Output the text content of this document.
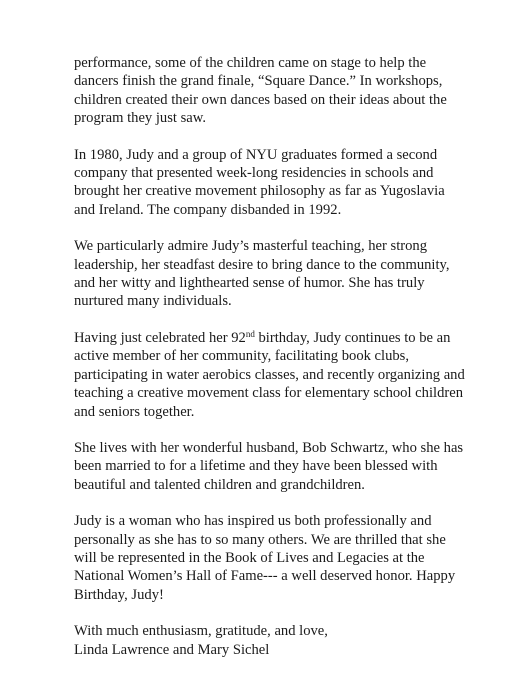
performance, some of the children came on stage to help the
dancers finish the grand finale, “Square Dance.” In workshops,
children created their own dances based on their ideas about the
program they just saw.

In 1980, Judy and a group of NYU graduates formed a second
company that presented week-long residencies in schools and
brought her creative movement philosophy as far as Yugoslavia
and Ireland. The company disbanded in 1992.

We particularly admire Judy’s masterful teaching, her strong
leadership, her steadfast desire to bring dance to the community,
and her witty and lighthearted sense of humor. She has truly
nurtured many individuals.

Having just celebrated her 92nd birthday, Judy continues to be an
active member of her community, facilitating book clubs,
participating in water aerobics classes, and recently organizing and
teaching a creative movement class for elementary school children
and seniors together.

She lives with her wonderful husband, Bob Schwartz, who she has
been married to for a lifetime and they have been blessed with
beautiful and talented children and grandchildren.

Judy is a woman who has inspired us both professionally and
personally as she has to so many others. We are thrilled that she
will be represented in the Book of Lives and Legacies at the
National Women’s Hall of Fame--- a well deserved honor. Happy
Birthday, Judy!

With much enthusiasm, gratitude, and love,
Linda Lawrence and Mary Sichel
